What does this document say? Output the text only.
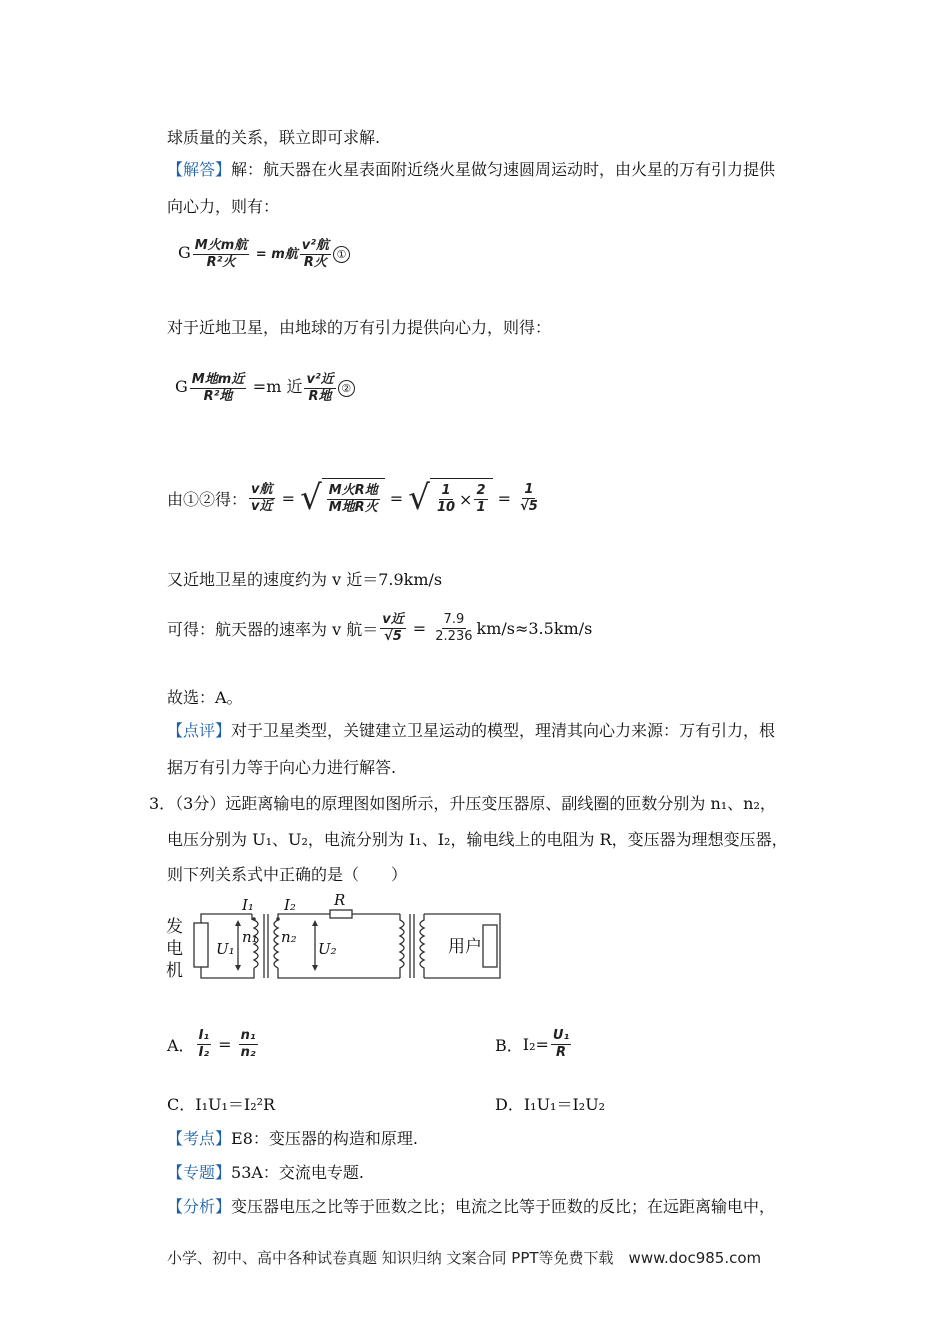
球质量的关系，联立即可求解.
【解答】解：航天器在火星表面附近绕火星做匀速圆周运动时，由火星的万有引力提供
向心力，则有：
G $\frac{\text{M火m航}}{\text{R²火}} = m$航 $\frac{\text{v²航}}{\text{R火}}$ ①
对于近地卫星，由地球的万有引力提供向心力，则得：
G $\frac{\text{M地m近}}{\text{R²地}} =m$ 近 $\frac{\text{v²近}}{\text{R地}}$ ②
由①②得： $\frac{\text{v航}}{\text{v近}}$ = √ $\frac{\text{M火R地}}{\text{M地R火}}$ = √ $\frac{1}{10} \times \frac{2}{1} = \frac{1}{√5}$
又近地卫星的速度约为 v 近＝7.9km/s
可得：航天器的速率为 v 航＝ $\frac{\text{v近}}{√5} = \frac{7.9}{2.236} km/s\approx 3.5km/s$
故选：A。
【点评】对于卫星类型，关键建立卫星运动的模型，理清其向心力来源：万有引力，根
据万有引力等于向心力进行解答.
3．（3分）远距离输电的原理图如图所示，升压变压器原、副线圈的匝数分别为 n₁、n₂，
电压分别为 U₁、U₂，电流分别为 I₁、I₂，输电线上的电阻为 R，变压器为理想变压器，
则下列关系式中正确的是（　　）
发
电
机
用户
I₁ I₂	R
n₁ n₂
U₁	U₂
A． $\frac{\text{I₁}}{\text{I₂}} = \frac{\text{n₁}}{\text{n₂}}$	B． $I_2= \frac{\text{U₁}}{R}$
C．I₁U₁＝I₂²R	D．I₁U₁＝I₂U₂
【考点】E8：变压器的构造和原理.
【专题】53A：交流电专题.
【分析】变压器电压之比等于匝数之比；电流之比等于匝数的反比；在远距离输电中，
小学、初中、高中各种试卷真题 知识归纳 文案合同 PPT等免费下载　www.doc985.com
